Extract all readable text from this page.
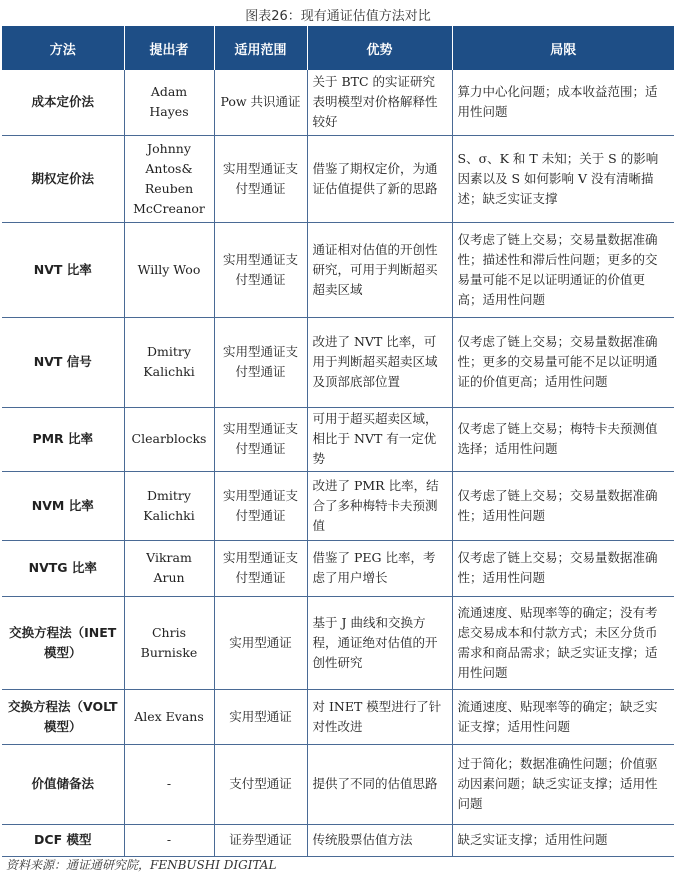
图表26：现有通证估值方法对比
方法	提出者	适用范围	优势	局限
成本定价法	Adam Hayes	Pow 共识通证	关于 BTC 的实证研究表明模型对价格解释性较好	算力中心化问题；成本收益范围；适用性问题
期权定价法	Johnny Antos& Reuben McCreanor	实用型通证支付型通证	借鉴了期权定价，为通证估值提供了新的思路	S、σ、K 和 T 未知；关于 S 的影响因素以及 S 如何影响 V 没有清晰描述；缺乏实证支撑
NVT 比率	Willy Woo	实用型通证支付型通证	通证相对估值的开创性研究，可用于判断超买超卖区域	仅考虑了链上交易；交易量数据准确性；描述性和滞后性问题；更多的交易量可能不足以证明通证的价值更高；适用性问题
NVT 信号	Dmitry Kalichki	实用型通证支付型通证	改进了 NVT 比率，可用于判断超买超卖区域及顶部底部位置	仅考虑了链上交易；交易量数据准确性；更多的交易量可能不足以证明通证的价值更高；适用性问题
PMR 比率	Clearblocks	实用型通证支付型通证	可用于超买超卖区域，相比于 NVT 有一定优势	仅考虑了链上交易；梅特卡夫预测值选择；适用性问题
NVM 比率	Dmitry Kalichki	实用型通证支付型通证	改进了 PMR 比率，结合了多种梅特卡夫预测值	仅考虑了链上交易；交易量数据准确性；适用性问题
NVTG 比率	Vikram Arun	实用型通证支付型通证	借鉴了 PEG 比率，考虑了用户增长	仅考虑了链上交易；交易量数据准确性；适用性问题
交换方程法（INET 模型）	Chris Burniske	实用型通证	基于 J 曲线和交换方程，通证绝对估值的开创性研究	流通速度、贴现率等的确定；没有考虑交易成本和付款方式；未区分货币需求和商品需求；缺乏实证支撑；适用性问题
交换方程法（VOLT 模型）	Alex Evans	实用型通证	对 INET 模型进行了针对性改进	流通速度、贴现率等的确定；缺乏实证支撑；适用性问题
价值储备法	-	支付型通证	提供了不同的估值思路	过于简化；数据准确性问题；价值驱动因素问题；缺乏实证支撑；适用性问题
DCF 模型	-	证券型通证	传统股票估值方法	缺乏实证支撑；适用性问题
资料来源：通证通研究院，FENBUSHI DIGITAL
